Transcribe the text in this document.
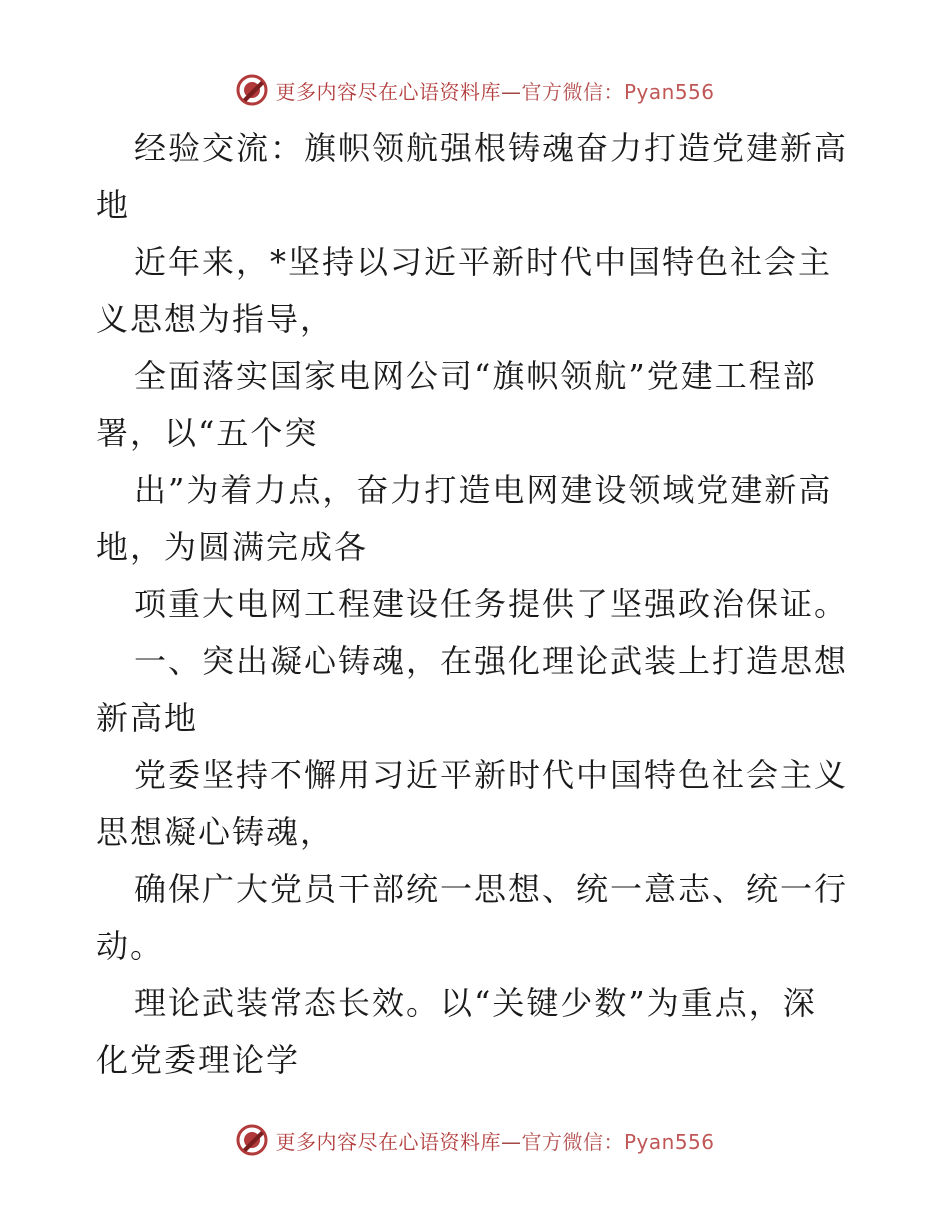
更多内容尽在心语资料库—官方微信：Pyan556
经验交流：旗帜领航强根铸魂奋力打造党建新高
地
近年来，*坚持以习近平新时代中国特色社会主
义思想为指导，
全面落实国家电网公司“旗帜领航”党建工程部
署，以“五个突
出”为着力点，奋力打造电网建设领域党建新高
地，为圆满完成各
项重大电网工程建设任务提供了坚强政治保证。
一、突出凝心铸魂，在强化理论武装上打造思想
新高地
党委坚持不懈用习近平新时代中国特色社会主义
思想凝心铸魂，
确保广大党员干部统一思想、统一意志、统一行
动。
理论武装常态长效。以“关键少数”为重点，深
化党委理论学
更多内容尽在心语资料库—官方微信：Pyan556
